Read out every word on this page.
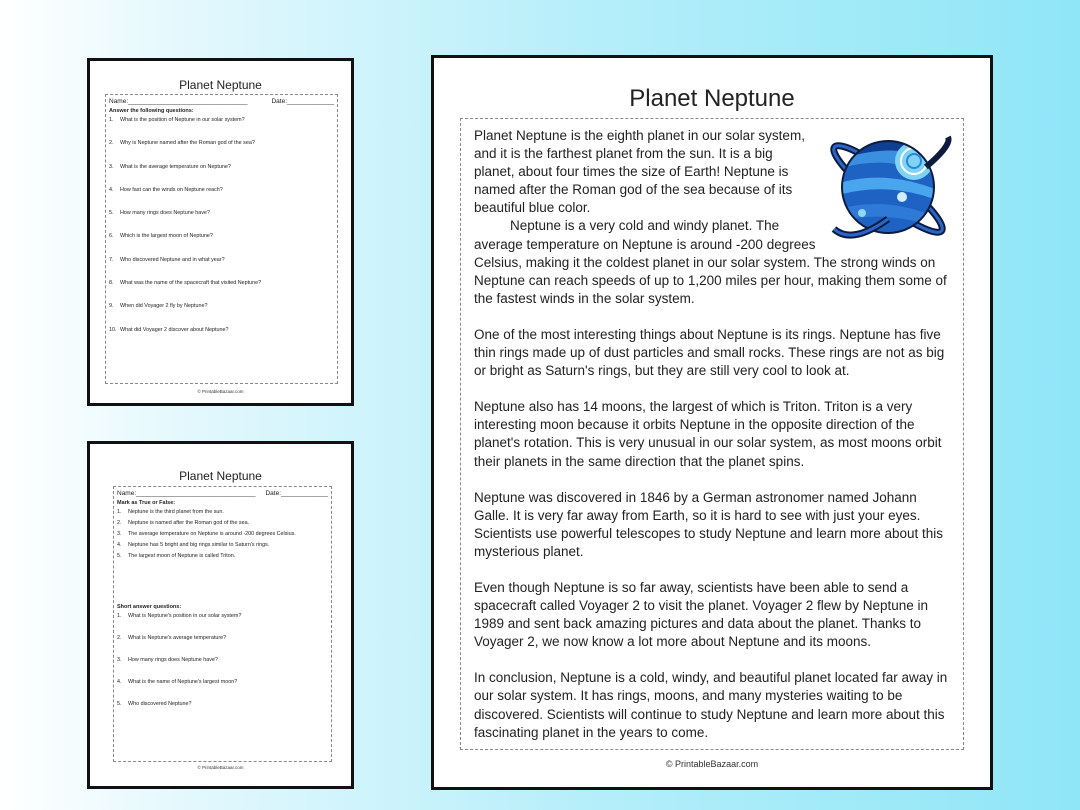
Planet Neptune
Name:_________________________________	Date:_____________
Answer the following questions:
1. What is the position of Neptune in our solar system?
2. Why is Neptune named after the Roman god of the sea?
3. What is the average temperature on Neptune?
4. How fast can the winds on Neptune reach?
5. How many rings does Neptune have?
6. Which is the largest moon of Neptune?
7. Who discovered Neptune and in what year?
8. What was the name of the spacecraft that visited Neptune?
9. When did Voyager 2 fly by Neptune?
10. What did Voyager 2 discover about Neptune?
© PrintableBazaar.com
Planet Neptune
Name:_________________________________ Date:_____________
Mark as True or False:
1. Neptune is the third planet from the sun.
2. Neptune is named after the Roman god of the sea.
3. The average temperature on Neptune is around -200 degrees Celsius.
4. Neptune has 5 bright and big rings similar to Saturn's rings.
5. The largest moon of Neptune is called Triton.
Short answer questions:
1. What is Neptune's position in our solar system?
2. What is Neptune's average temperature?
3. How many rings does Neptune have?
4. What is the name of Neptune's largest moon?
5. Who discovered Neptune?
© PrintableBazaar.com
Planet Neptune

Planet Neptune is the eighth planet in our solar system, and it is the farthest planet from the sun. It is a big planet, about four times the size of Earth! Neptune is named after the Roman god of the sea because of its beautiful blue color.

Neptune is a very cold and windy planet. The average temperature on Neptune is around -200 degrees Celsius, making it the coldest planet in our solar system. The strong winds on Neptune can reach speeds of up to 1,200 miles per hour, making them some of the fastest winds in the solar system.

One of the most interesting things about Neptune is its rings. Neptune has five thin rings made up of dust particles and small rocks. These rings are not as big or bright as Saturn's rings, but they are still very cool to look at.

Neptune also has 14 moons, the largest of which is Triton. Triton is a very interesting moon because it orbits Neptune in the opposite direction of the planet's rotation. This is very unusual in our solar system, as most moons orbit their planets in the same direction that the planet spins.

Neptune was discovered in 1846 by a German astronomer named Johann Galle. It is very far away from Earth, so it is hard to see with just your eyes. Scientists use powerful telescopes to study Neptune and learn more about this mysterious planet.

Even though Neptune is so far away, scientists have been able to send a spacecraft called Voyager 2 to visit the planet. Voyager 2 flew by Neptune in 1989 and sent back amazing pictures and data about the planet. Thanks to Voyager 2, we now know a lot more about Neptune and its moons.

In conclusion, Neptune is a cold, windy, and beautiful planet located far away in our solar system. It has rings, moons, and many mysteries waiting to be discovered. Scientists will continue to study Neptune and learn more about this fascinating planet in the years to come.

© PrintableBazaar.com
